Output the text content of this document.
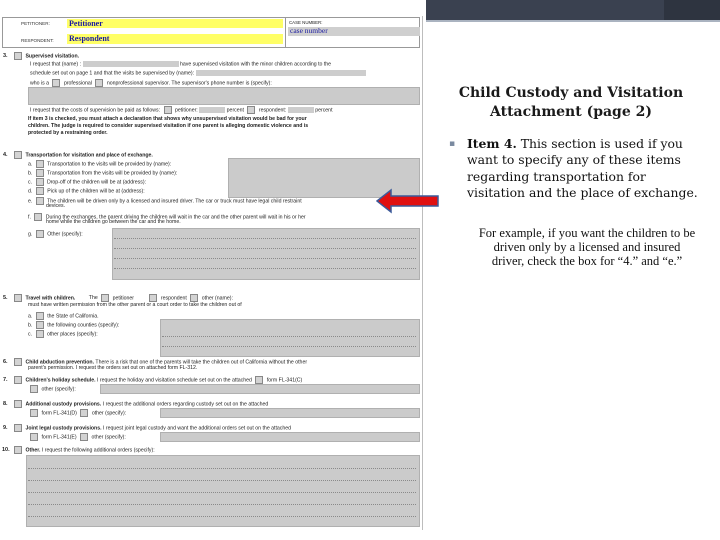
PETITIONER: Petitioner
RESPONDENT: Respondent
CASE NUMBER:
case number
3.	Supervised visitation.
I request that (name) :	have supervised visitation with the minor children according to the
schedule set out on page 1 and that the visits be supervised by (name):
who is a	professional	nonprofessional supervisor. The supervisor's phone number is (specify):
I request that the costs of supervision be paid as follows:	petitioner:	percent	respondent:	percent
If item 3 is checked, you must attach a declaration that shows why unsupervised visitation would be bad for your
children. The judge is required to consider supervised visitation if one parent is alleging domestic violence and is
protected by a restraining order.
4.	Transportation for visitation and place of exchange.
a.	Transportation to the visits will be provided by (name):
b.	Transportation from the visits will be provided by (name):
c.	Drop-off of the children will be at (address):
d.	Pick up of the children will be at (address):
e.	The children will be driven only by a licensed and insured driver. The car or truck must have legal child restraint
devices.
f.	During the exchanges, the parent driving the children will wait in the car and the other parent will wait in his or her
home while the children go between the car and the home.
g.	Other (specify):
5.	Travel with children.	The	petitioner	respondent	other (name):
must have written permission from the other parent or a court order to take the children out of
a.	the State of California.
b.	the following counties (specify):
c.	other places (specify):
6.	Child abduction prevention. There is a risk that one of the parents will take the children out of California without the other
parent's permission. I request the orders set out on attached form FL-312.
7.	Children's holiday schedule. I request the holiday and visitation schedule set out on the attached	form FL-341(C)
other (specify):
8.	Additional custody provisions. I request the additional orders regarding custody set out on the attached
form FL-341(D)	other (specify):
9.	Joint legal custody provisions. I request joint legal custody and want the additional orders set out on the attached
form FL-341(E)	other (specify):
10.	Other. I request the following additional orders (specify):
Child Custody and Visitation
Attachment (page 2)
▪ Item 4. This section is used if you want to specify any of these items regarding transportation for visitation and the place of exchange.
For example, if you want the children to be driven only by a licensed and insured driver, check the box for “4.” and “e.”
